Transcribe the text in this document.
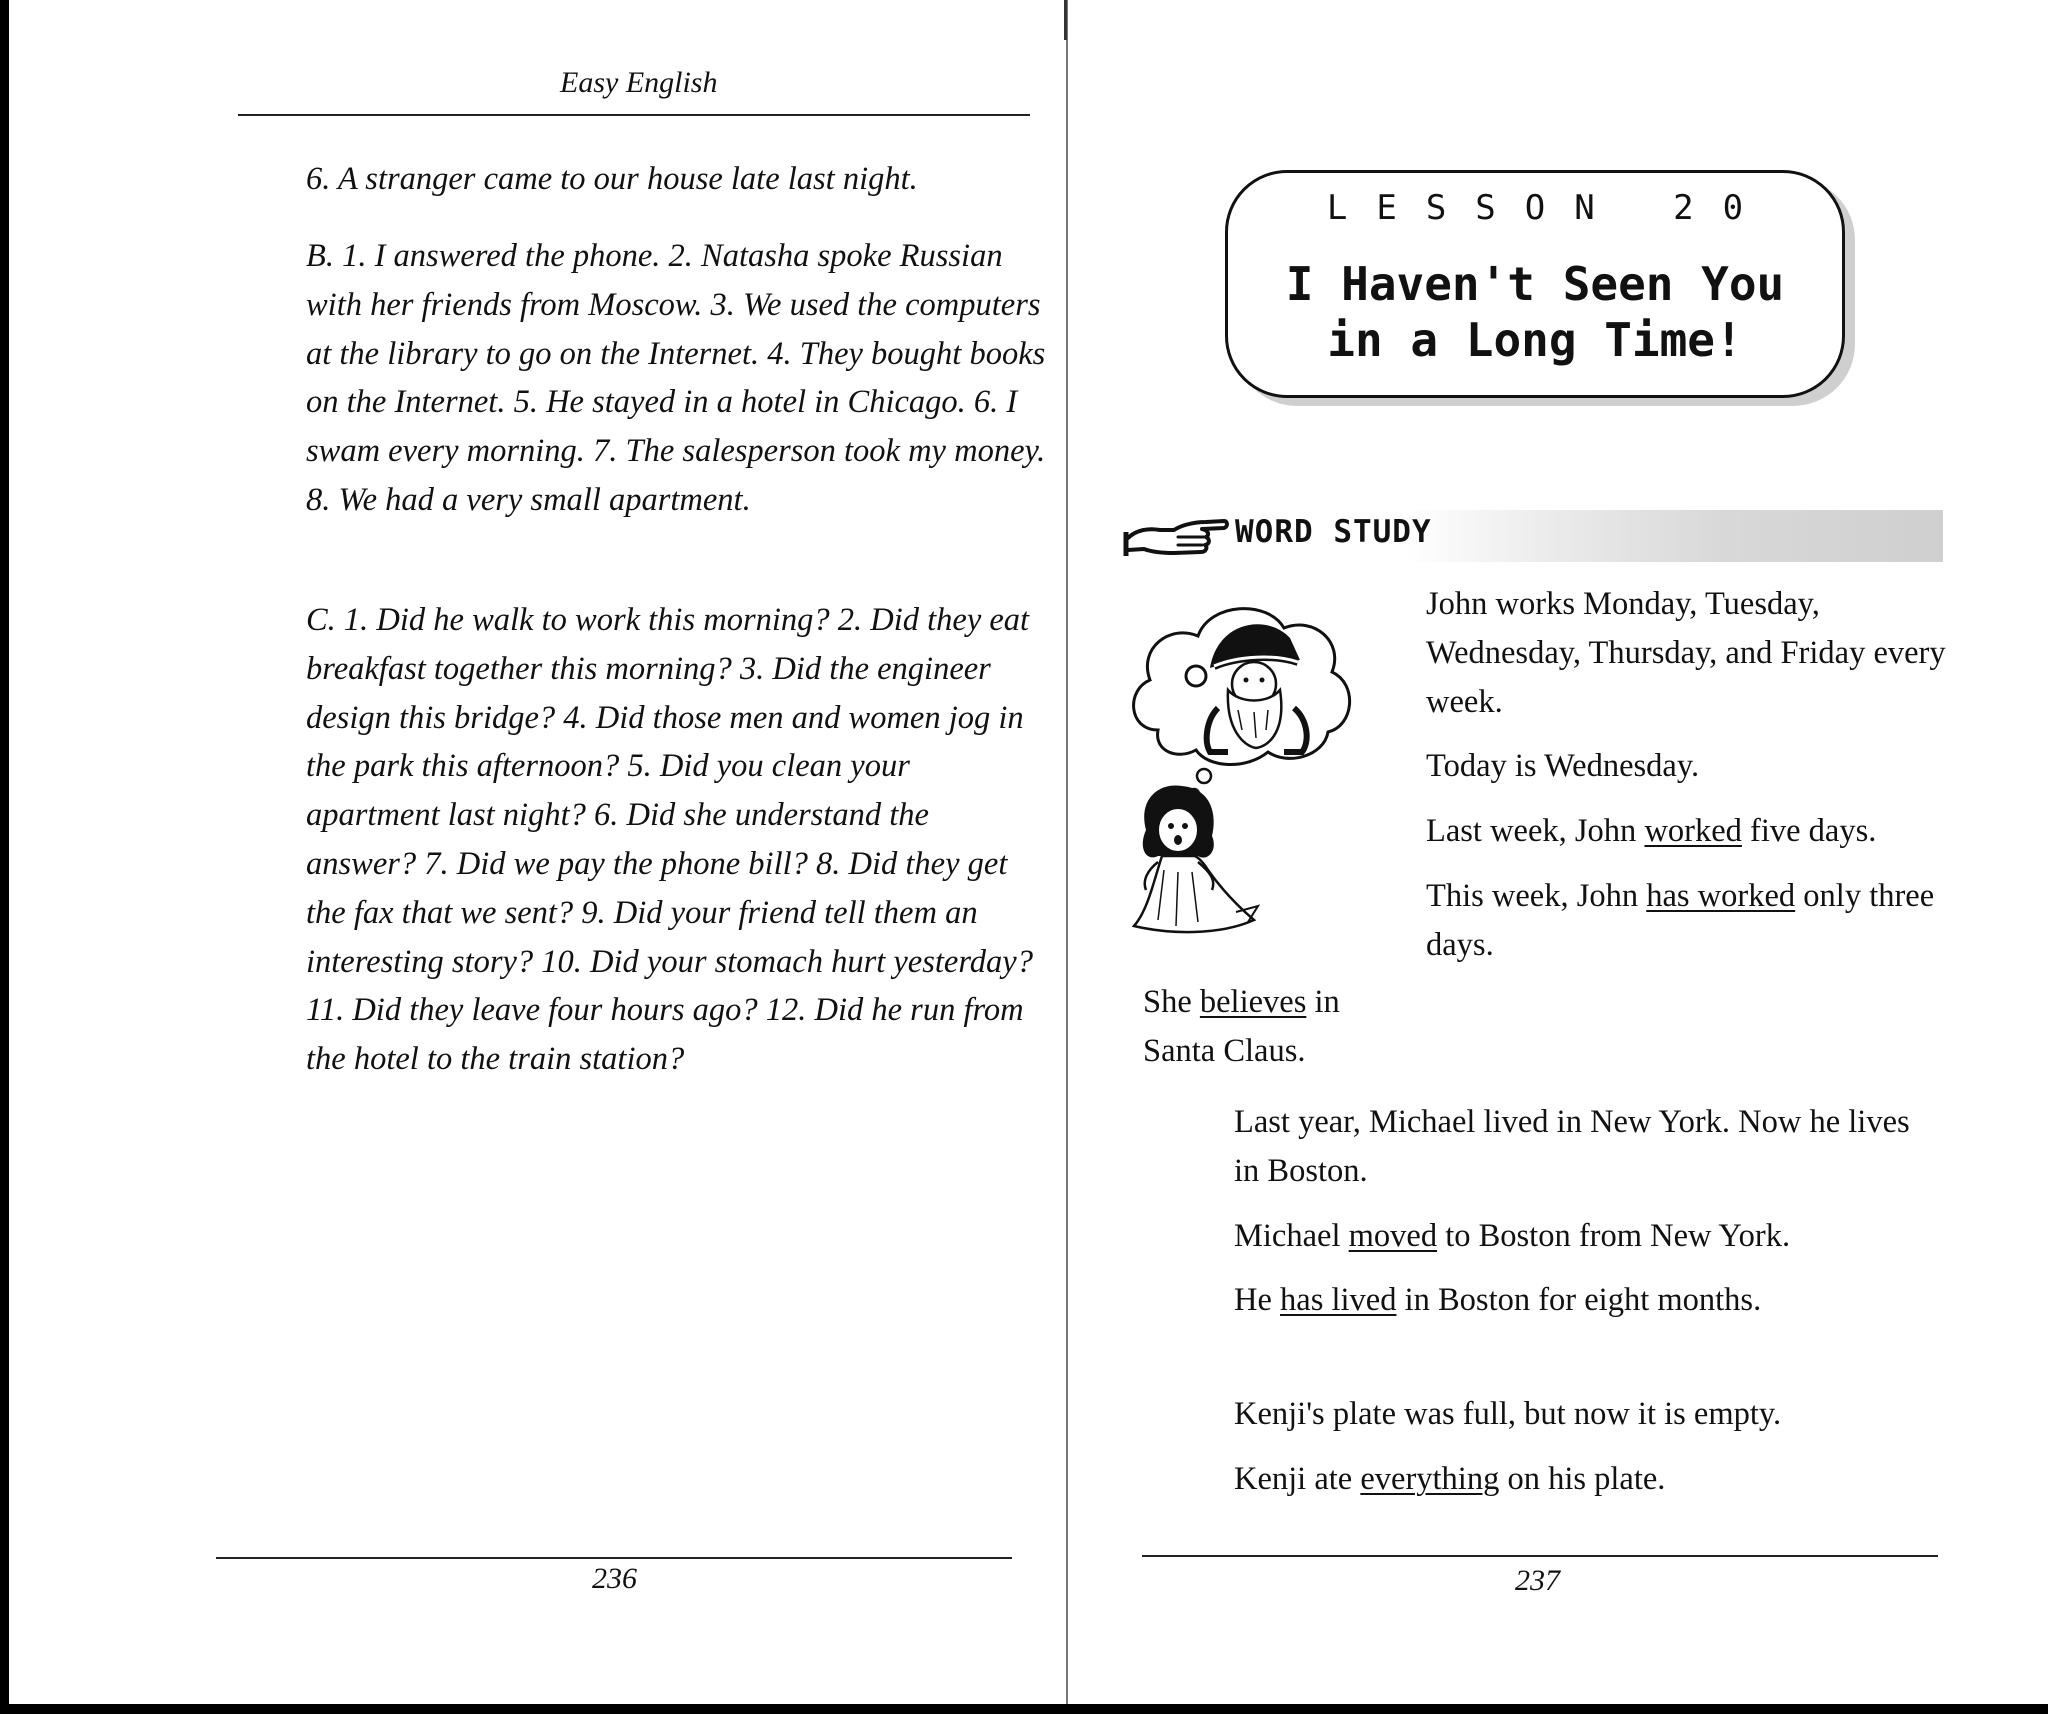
Easy English

6. A stranger came to our house late last night.

B. 1. I answered the phone. 2. Natasha spoke Russian with her friends from Moscow. 3. We used the computers at the library to go on the Internet. 4. They bought books on the Internet. 5. He stayed in a hotel in Chicago. 6. I swam every morning. 7. The salesperson took my money. 8. We had a very small apartment.

C. 1. Did he walk to work this morning? 2. Did they eat breakfast together this morning? 3. Did the engineer design this bridge? 4. Did those men and women jog in the park this afternoon? 5. Did you clean your apartment last night? 6. Did she understand the answer? 7. Did we pay the phone bill? 8. Did they get the fax that we sent? 9. Did your friend tell them an interesting story? 10. Did your stomach hurt yesterday? 11. Did they leave four hours ago? 12. Did he run from the hotel to the train station?

236
LESSON 20

I Haven't Seen You
in a Long Time!

WORD STUDY

John works Monday, Tuesday, Wednesday, Thursday, and Friday every week.

Today is Wednesday.

Last week, John worked five days.

This week, John has worked only three days.

She believes in Santa Claus.

Last year, Michael lived in New York. Now he lives in Boston.

Michael moved to Boston from New York.

He has lived in Boston for eight months.

Kenji's plate was full, but now it is empty.

Kenji ate everything on his plate.

237
